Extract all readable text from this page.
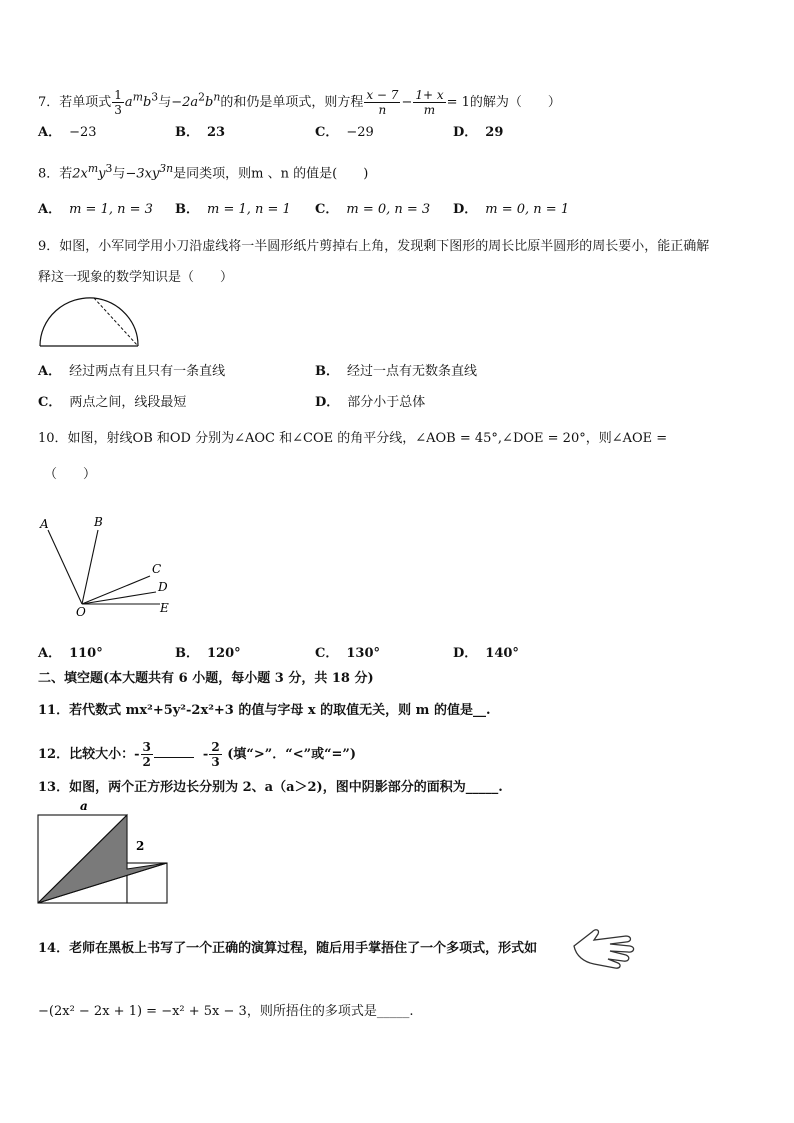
7．若单项式 $\frac{1}{3} a^mb^3$与$-2a^2b^n$的和仍是单项式，则方程 $\frac{x - 7}{n} - \frac{1+ x}{m} = 1$的解为（　　）
A． −23	B． 23	C． −29	D． 29
8．若$2x^my^3$与$-3xy^{3n}$是同类项，则m 、n 的值是(　　)
A． m = 1, n = 3 B． m = 1, n = 1 C． m = 0, n = 3 D． m = 0, n = 1
9．如图，小军同学用小刀沿虚线将一半圆形纸片剪掉右上角，发现剩下图形的周长比原半圆形的周长要小，能正确解
释这一现象的数学知识是（　　）
A． 经过两点有且只有一条直线	B． 经过一点有无数条直线
C． 两点之间，线段最短	D． 部分小于总体
10．如图，射线OB 和OD 分别为∠AOC 和∠COE 的角平分线，∠AOB = 45°,∠DOE = 20°，则∠AOE =
（　　）
A	B
C
D
O	E
A． 110°	B． 120°	C． 130°	D． 140°
二、填空题(本大题共有 6 小题，每小题 3 分，共 18 分)
11．若代数式 mx²+5y²-2x²+3 的值与字母 x 的取值无关，则 m 的值是__.
12．比较大小：- $\frac{3}{2}$	- $\frac{2}{3}$ (填“>”．“<”或“=”)
13．如图，两个正方形边长分别为 2、a（a＞2)，图中阴影部分的面积为_____.
a
2
14．老师在黑板上书写了一个正确的演算过程，随后用手掌捂住了一个多项式，形式如
−(2x² − 2x + 1) = −x² + 5x − 3，则所捂住的多项式是_____.
